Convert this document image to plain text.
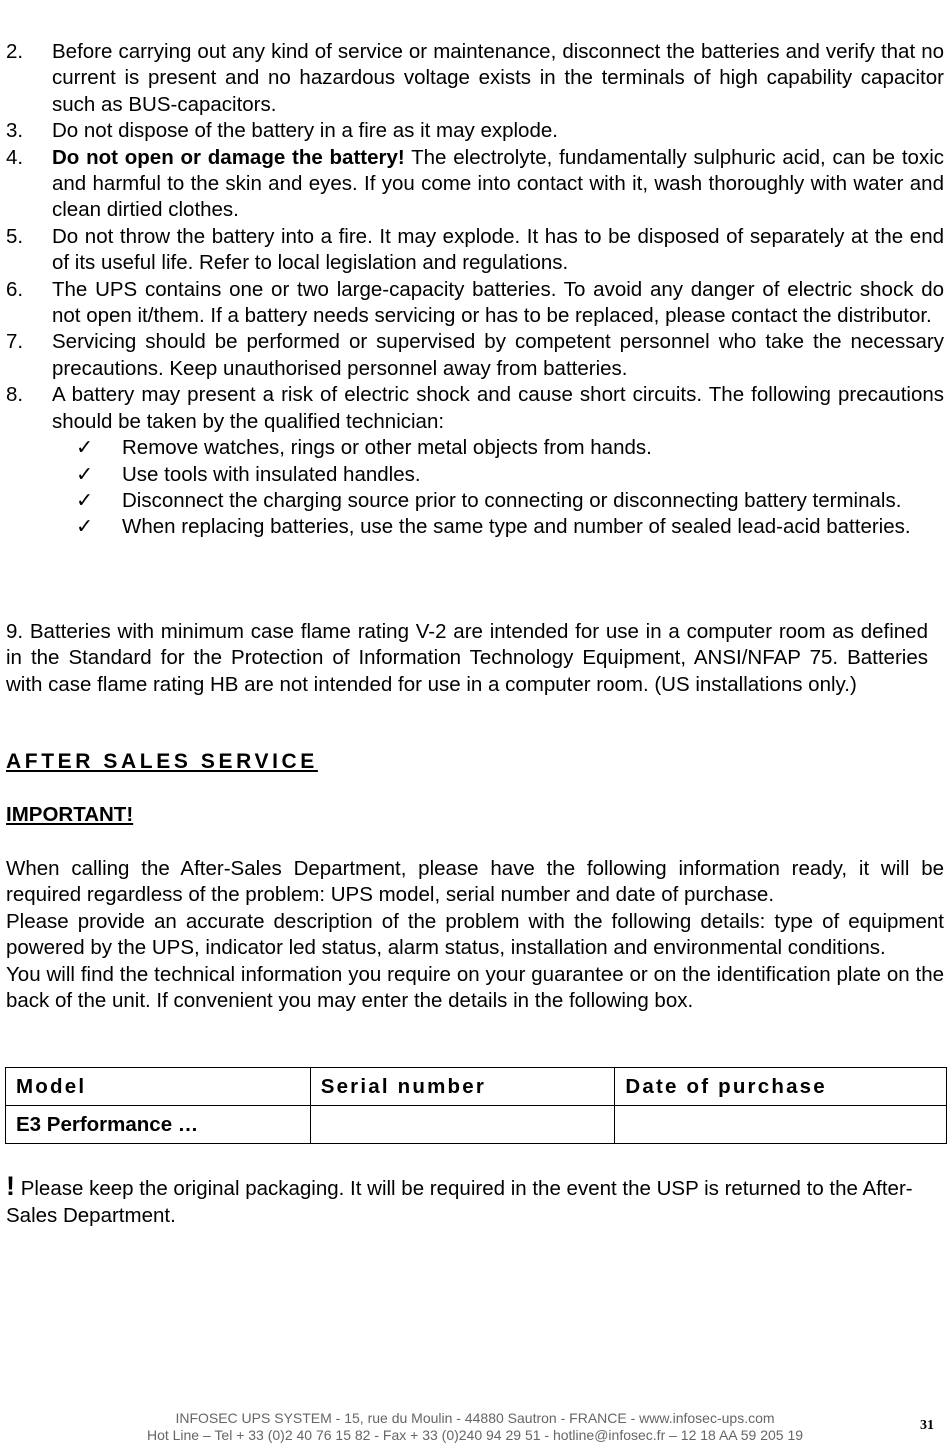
2. Before carrying out any kind of service or maintenance, disconnect the batteries and verify that no current is present and no hazardous voltage exists in the terminals of high capability capacitor such as BUS-capacitors.
3. Do not dispose of the battery in a fire as it may explode.
4. Do not open or damage the battery! The electrolyte, fundamentally sulphuric acid, can be toxic and harmful to the skin and eyes. If you come into contact with it, wash thoroughly with water and clean dirtied clothes.
5. Do not throw the battery into a fire. It may explode. It has to be disposed of separately at the end of its useful life. Refer to local legislation and regulations.
6. The UPS contains one or two large-capacity batteries. To avoid any danger of electric shock do not open it/them. If a battery needs servicing or has to be replaced, please contact the distributor.
7. Servicing should be performed or supervised by competent personnel who take the necessary precautions. Keep unauthorised personnel away from batteries.
8. A battery may present a risk of electric shock and cause short circuits. The following precautions should be taken by the qualified technician:
✓ Remove watches, rings or other metal objects from hands.
✓ Use tools with insulated handles.
✓ Disconnect the charging source prior to connecting or disconnecting battery terminals.
✓ When replacing batteries, use the same type and number of sealed lead-acid batteries.

9. Batteries with minimum case flame rating V-2 are intended for use in a computer room as defined in the Standard for the Protection of Information Technology Equipment, ANSI/NFAP 75. Batteries with case flame rating HB are not intended for use in a computer room. (US installations only.)

AFTER SALES SERVICE
IMPORTANT!

When calling the After-Sales Department, please have the following information ready, it will be required regardless of the problem: UPS model, serial number and date of purchase.

Please provide an accurate description of the problem with the following details: type of equipment powered by the UPS, indicator led status, alarm status, installation and environmental conditions.

You will find the technical information you require on your guarantee or on the identification plate on the back of the unit. If convenient you may enter the details in the following box.

Model	Serial number	Date of purchase
E3 Performance …		

! Please keep the original packaging. It will be required in the event the USP is returned to the After-Sales Department.

INFOSEC UPS SYSTEM - 15, rue du Moulin - 44880 Sautron - FRANCE - www.infosec-ups.com
Hot Line – Tel + 33 (0)2 40 76 15 82 - Fax + 33 (0)240 94 29 51 - hotline@infosec.fr – 12 18 AA 59 205 19
31
